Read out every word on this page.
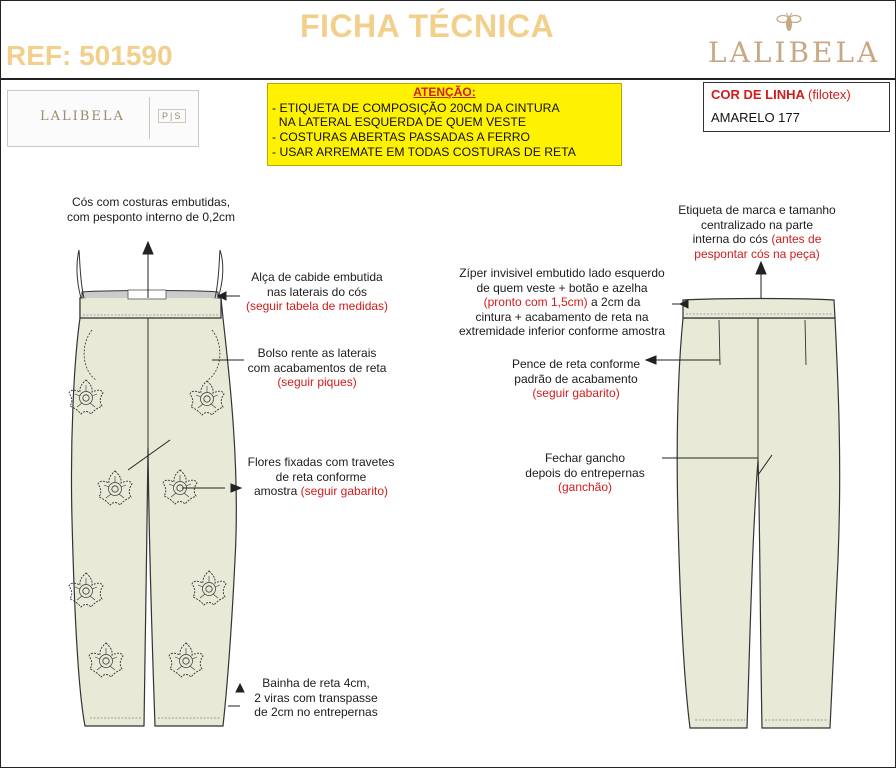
FICHA TÉCNICA
REF: 501590	LALIBELA
LALIBELA	P|S
ATENÇÃO:
- ETIQUETA DE COMPOSIÇÃO 20CM DA CINTURA
NA LATERAL ESQUERDA DE QUEM VESTE
- COSTURAS ABERTAS PASSADAS A FERRO
- USAR ARREMATE EM TODAS COSTURAS DE RETA
COR DE LINHA (filotex)
AMARELO 177
Cós com costuras embutidas,
com pesponto interno de 0,2cm
Alça de cabide embutida
nas laterais do cós
(seguir tabela de medidas)
Bolso rente as laterais
com acabamentos de reta
(seguir piques)
Flores fixadas com travetes
de reta conforme
amostra (seguir gabarito)
Bainha de reta 4cm,
2 viras com transpasse
de 2cm no entrepernas
Etiqueta de marca e tamanho
centralizado na parte
interna do cós (antes de
pespontar cós na peça)
Zíper invisivel embutido lado esquerdo
de quem veste + botão e azelha
(pronto com 1,5cm) a 2cm da
cintura + acabamento de reta na
extremidade inferior conforme amostra
Pence de reta conforme
padrão de acabamento
(seguir gabarito)
Fechar gancho
depois do entrepernas
(ganchão)
